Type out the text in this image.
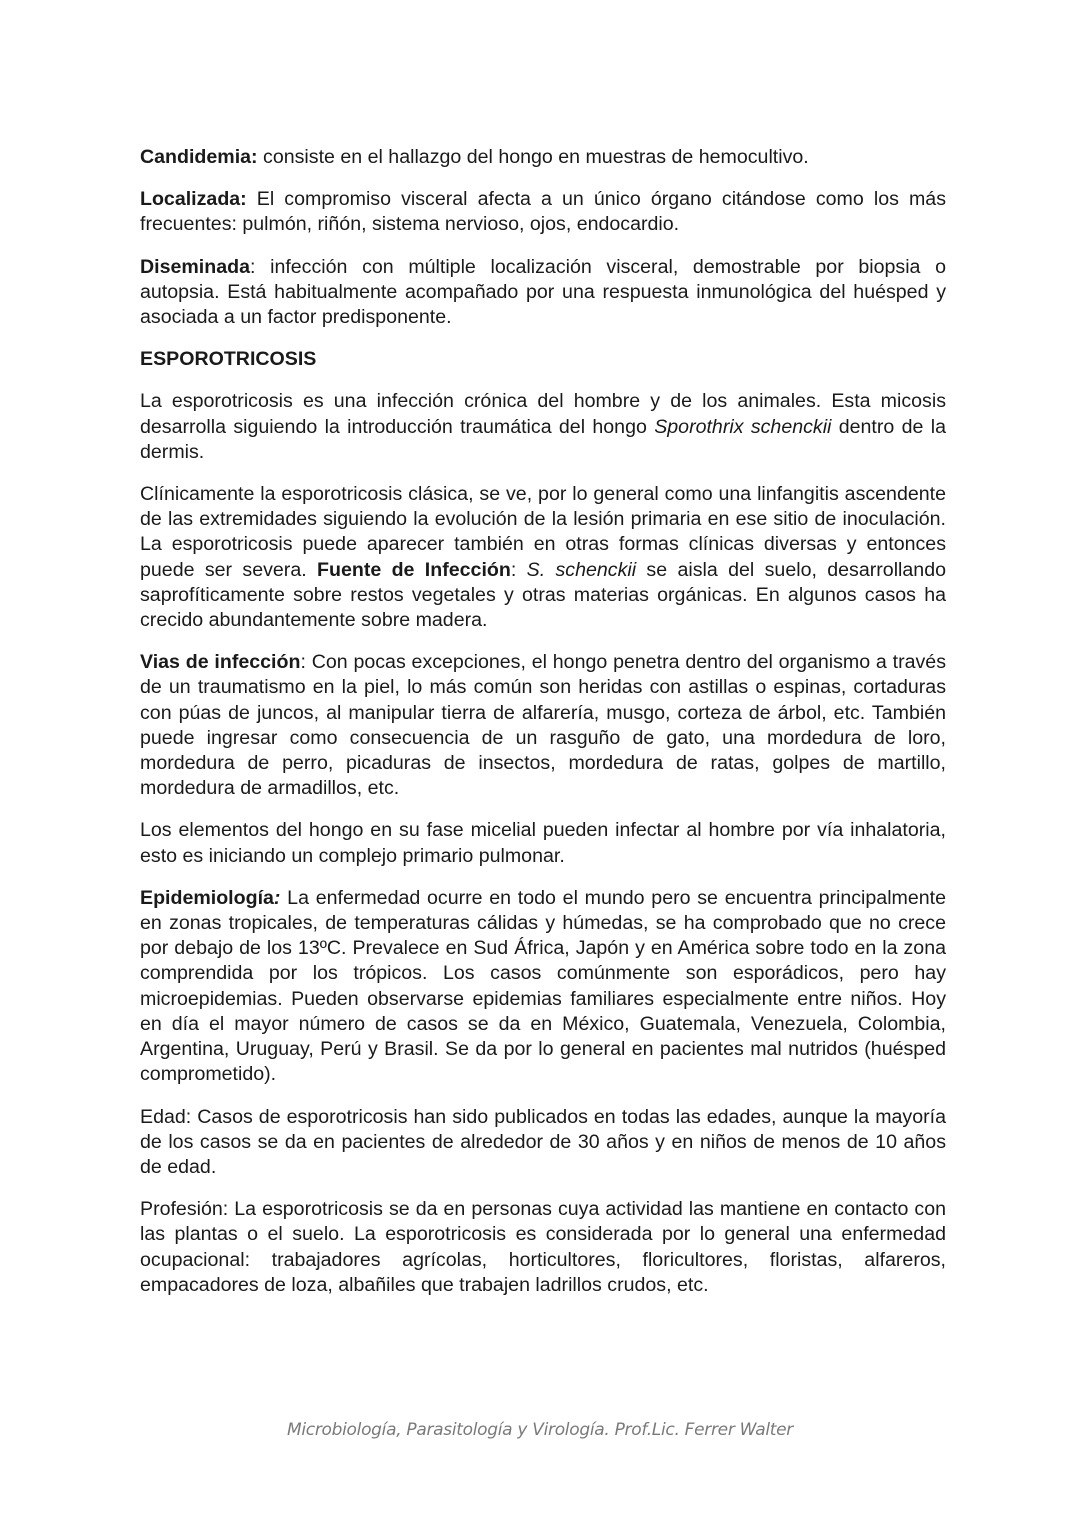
Candidemia: consiste en el hallazgo del hongo en muestras de hemocultivo.

Localizada: El compromiso visceral afecta a un único órgano citándose como los más frecuentes: pulmón, riñón, sistema nervioso, ojos, endocardio.

Diseminada: infección con múltiple localización visceral, demostrable por biopsia o autopsia. Está habitualmente acompañado por una respuesta inmunológica del huésped y asociada a un factor predisponente.

ESPOROTRICOSIS

La esporotricosis es una infección crónica del hombre y de los animales. Esta micosis desarrolla siguiendo la introducción traumática del hongo Sporothrix schenckii dentro de la dermis.

Clínicamente la esporotricosis clásica, se ve, por lo general como una linfangitis ascendente de las extremidades siguiendo la evolución de la lesión primaria en ese sitio de inoculación. La esporotricosis puede aparecer también en otras formas clínicas diversas y entonces puede ser severa. Fuente de Infección: S. schenckii se aisla del suelo, desarrollando saprofíticamente sobre restos vegetales y otras materias orgánicas. En algunos casos ha crecido abundantemente sobre madera.

Vias de infección: Con pocas excepciones, el hongo penetra dentro del organismo a través de un traumatismo en la piel, lo más común son heridas con astillas o espinas, cortaduras con púas de juncos, al manipular tierra de alfarería, musgo, corteza de árbol, etc. También puede ingresar como consecuencia de un rasguño de gato, una mordedura de loro, mordedura de perro, picaduras de insectos, mordedura de ratas, golpes de martillo, mordedura de armadillos, etc.

Los elementos del hongo en su fase micelial pueden infectar al hombre por vía inhalatoria, esto es iniciando un complejo primario pulmonar.

Epidemiología: La enfermedad ocurre en todo el mundo pero se encuentra principalmente en zonas tropicales, de temperaturas cálidas y húmedas, se ha comprobado que no crece por debajo de los 13ºC. Prevalece en Sud África, Japón y en América sobre todo en la zona comprendida por los trópicos. Los casos comúnmente son esporádicos, pero hay microepidemias. Pueden observarse epidemias familiares especialmente entre niños. Hoy en día el mayor número de casos se da en México, Guatemala, Venezuela, Colombia, Argentina, Uruguay, Perú y Brasil. Se da por lo general en pacientes mal nutridos (huésped comprometido).

Edad: Casos de esporotricosis han sido publicados en todas las edades, aunque la mayoría de los casos se da en pacientes de alrededor de 30 años y en niños de menos de 10 años de edad.

Profesión: La esporotricosis se da en personas cuya actividad las mantiene en contacto con las plantas o el suelo. La esporotricosis es considerada por lo general una enfermedad ocupacional: trabajadores agrícolas, horticultores, floricultores, floristas, alfareros, empacadores de loza, albañiles que trabajen ladrillos crudos, etc.

Microbiología, Parasitología y Virología. Prof.Lic. Ferrer Walter
